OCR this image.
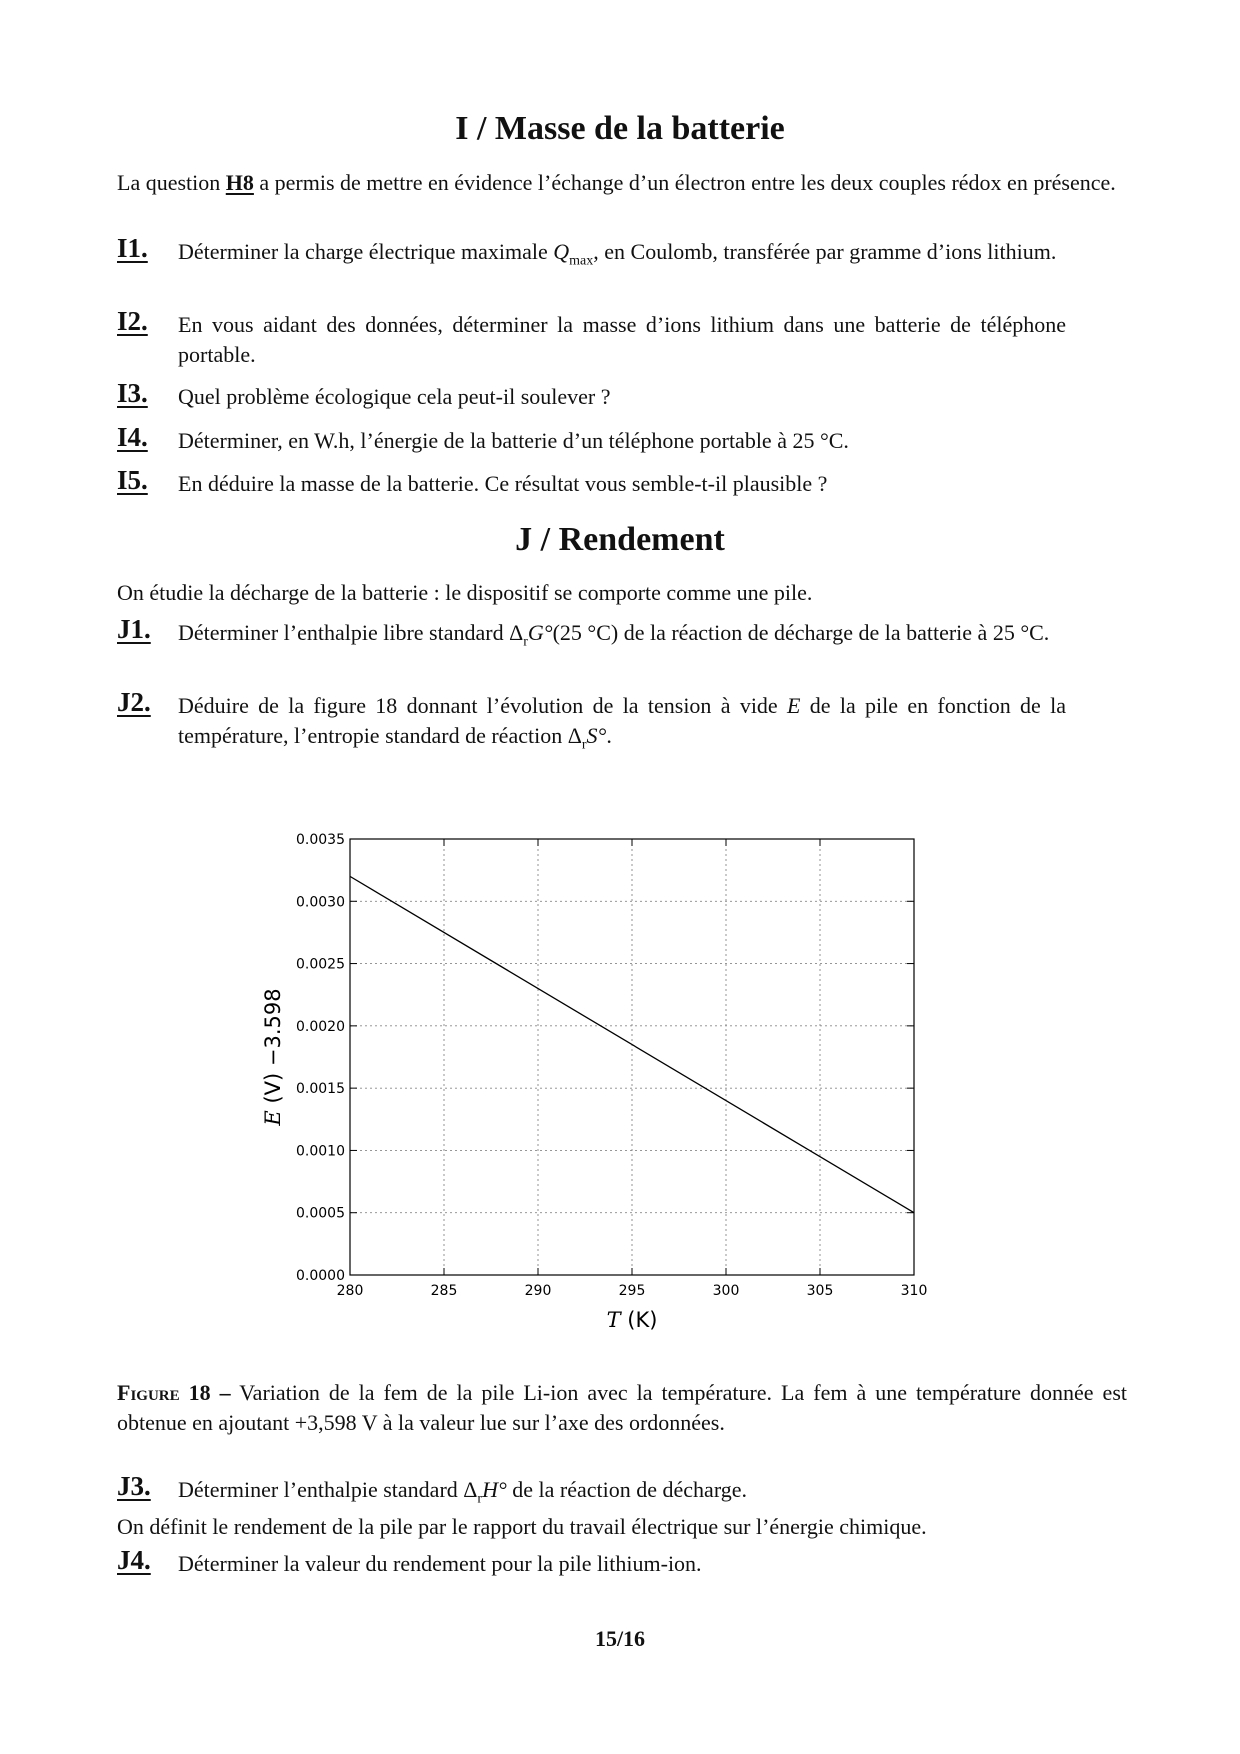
I / Masse de la batterie
La question H8 a permis de mettre en évidence l’échange d’un électron entre les deux couples rédox en présence.
I1. Déterminer la charge électrique maximale $Q_{max}$, en Coulomb, transférée par gramme d’ions lithium.
I2. En vous aidant des données, déterminer la masse d’ions lithium dans une batterie de téléphone portable.
I3. Quel problème écologique cela peut-il soulever ?
I4. Déterminer, en W.h, l’énergie de la batterie d’un téléphone portable à 25 °C.
I5. En déduire la masse de la batterie. Ce résultat vous semble-t-il plausible ?
J / Rendement
On étudie la décharge de la batterie : le dispositif se comporte comme une pile.
J1. Déterminer l’enthalpie libre standard $\Delta_rG^\circ(25$ °C) de la réaction de décharge de la batterie à 25 °C.
J2. Déduire de la figure 18 donnant l’évolution de la tension à vide E de la pile en fonction de la température, l’entropie standard de réaction $\Delta_rS^\circ$.
280	285	290	295	300	305	310
0.0000
0.0005
0.0010
0.0015
0.0020
0.0025
0.0030
0.0035
T (K)
E (V) −3.598
Figure 18 – Variation de la fem de la pile Li-ion avec la température. La fem à une température donnée est obtenue en ajoutant +3,598 V à la valeur lue sur l’axe des ordonnées.
J3. Déterminer l’enthalpie standard $\Delta_rH^\circ$ de la réaction de décharge.
On définit le rendement de la pile par le rapport du travail électrique sur l’énergie chimique.
J4. Déterminer la valeur du rendement pour la pile lithium-ion.
15/16
